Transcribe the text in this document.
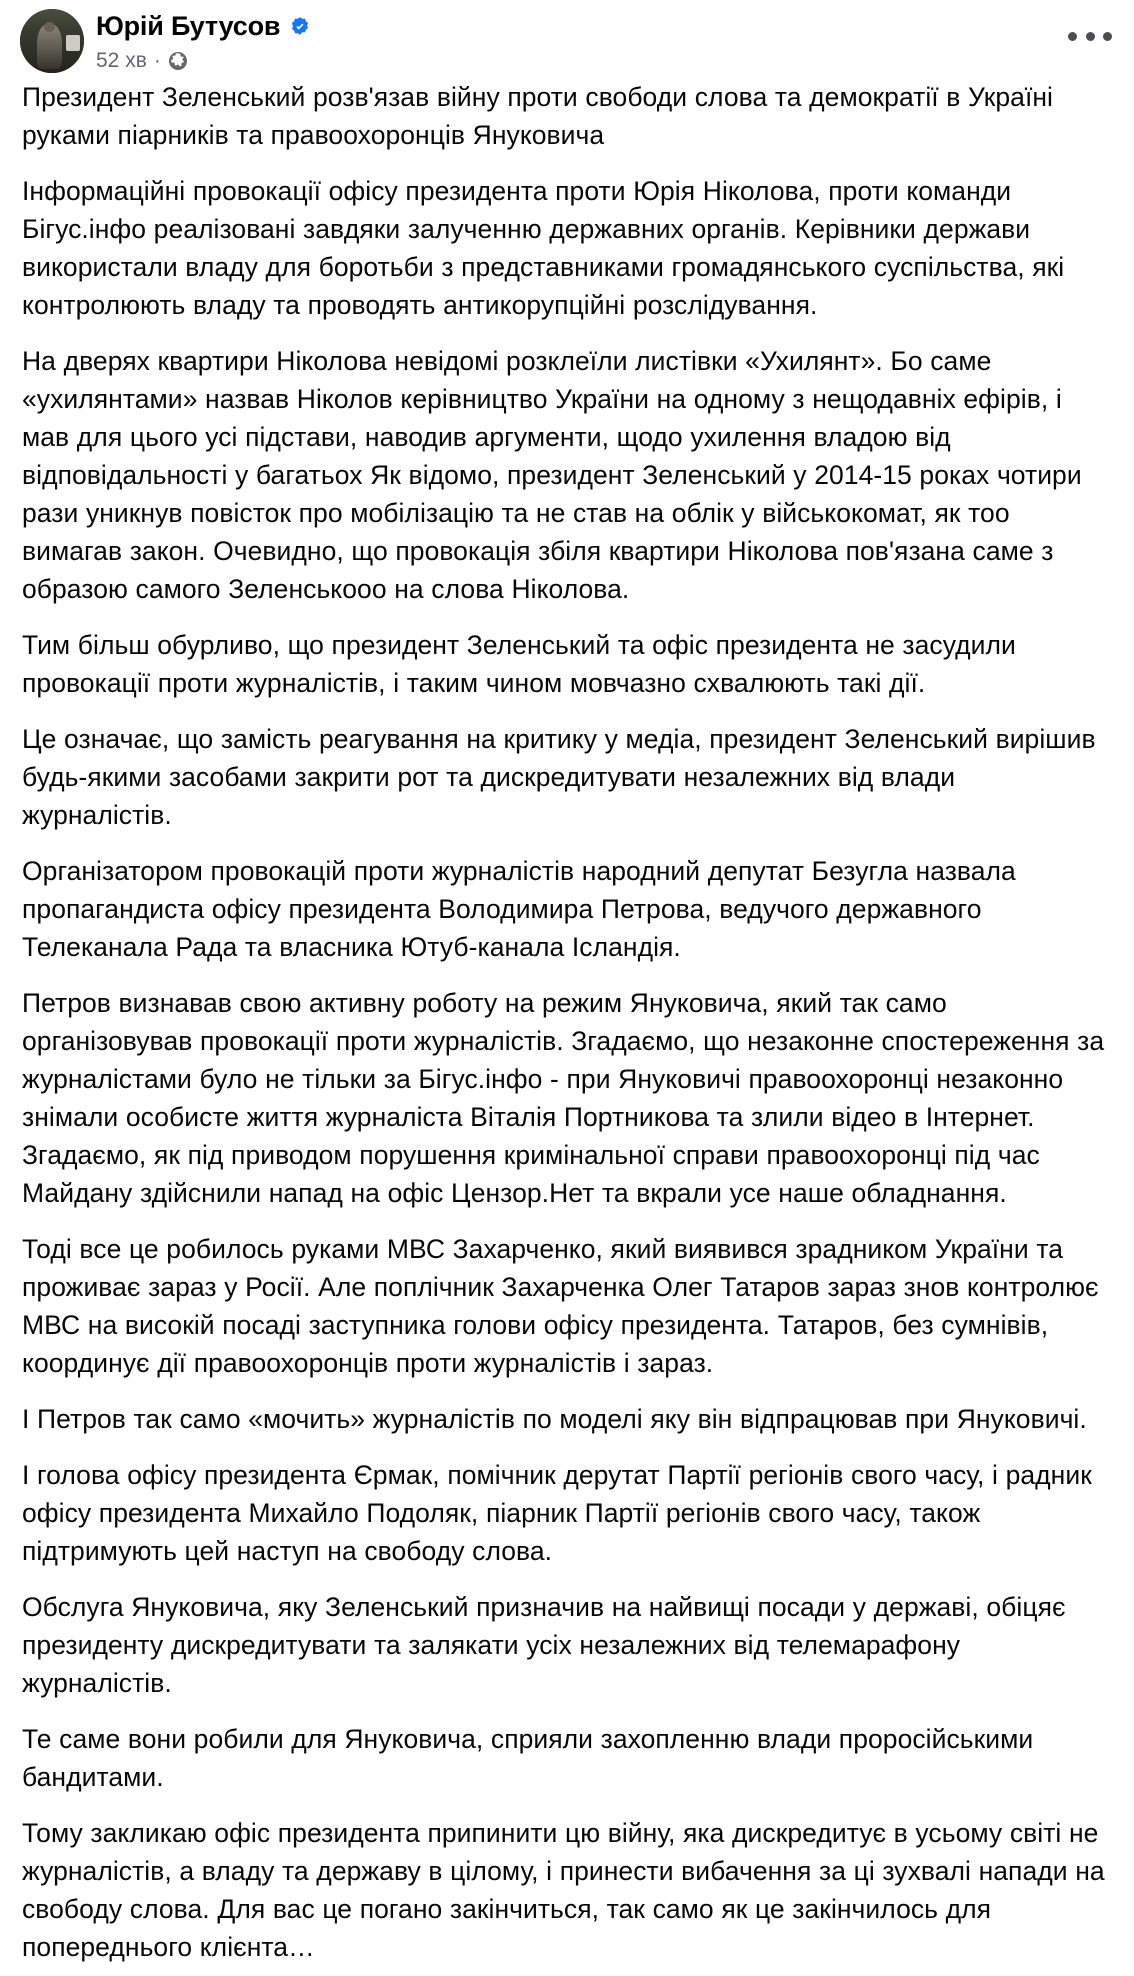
Юрій Бутусов
52 хв ·

Президент Зеленський розв'язав війну проти свободи слова та демократії в Україні руками піарників та правоохоронців Януковича

Інформаційні провокації офісу президента проти Юрія Ніколова, проти команди Бігус.інфо реалізовані завдяки залученню державних органів. Керівники держави використали владу для боротьби з представниками громадянського суспільства, які контролюють владу та проводять антикорупційні розслідування.

На дверях квартири Ніколова невідомі розклеїли листівки «Ухилянт». Бо саме «ухилянтами» назвав Ніколов керівництво України на одному з нещодавніх ефірів, і мав для цього усі підстави, наводив аргументи, щодо ухилення владою від відповідальності у багатьох Як відомо, президент Зеленський у 2014-15 роках чотири рази уникнув повісток про мобілізацію та не став на облік у військокомат, як тоо вимагав закон. Очевидно, що провокація збіля квартири Ніколова пов'язана саме з образою самого Зеленськооо на слова Ніколова.

Тим більш обурливо, що президент Зеленський та офіс президента не засудили провокації проти журналістів, і таким чином мовчазно схвалюють такі дії.

Це означає, що замість реагування на критику у медіа, президент Зеленський вирішив будь-якими засобами закрити рот та дискредитувати незалежних від влади журналістів.

Організатором провокацій проти журналістів народний депутат Безугла назвала пропагандиста офісу президента Володимира Петрова, ведучого державного Телеканала Рада та власника Ютуб-канала Ісландія.

Петров визнавав свою активну роботу на режим Януковича, який так само організовував провокації проти журналістів. Згадаємо, що незаконне спостереження за журналістами було не тільки за Бігус.інфо - при Януковичі правоохоронці незаконно знімали особисте життя журналіста Віталія Портникова та злили відео в Інтернет. Згадаємо, як під приводом порушення кримінальної справи правоохоронці під час Майдану здійснили напад на офіс Цензор.Нет та вкрали усе наше обладнання.

Тоді все це робилось руками МВС Захарченко, який виявився зрадником України та проживає зараз у Росії. Але поплічник Захарченка Олег Татаров зараз знов контролює МВС на високій посаді заступника голови офісу президента. Татаров, без сумнівів, координує дії правоохоронців проти журналістів і зараз.

І Петров так само «мочить» журналістів по моделі яку він відпрацював при Януковичі.

І голова офісу президента Єрмак, помічник дерутат Партії регіонів свого часу, і радник офісу президента Михайло Подоляк, піарник Партії регіонів свого часу, також підтримують цей наступ на свободу слова.

Обслуга Януковича, яку Зеленський призначив на найвищі посади у державі, обіцяє президенту дискредитувати та залякати усіх незалежних від телемарафону журналістів.

Те саме вони робили для Януковича, сприяли захопленню влади проросійськими бандитами.

Тому закликаю офіс президента припинити цю війну, яка дискредитує в усьому світі не журналістів, а владу та державу в цілому, і принести вибачення за ці зухвалі напади на свободу слова. Для вас це погано закінчиться, так само як це закінчилось для попереднього клієнта…
